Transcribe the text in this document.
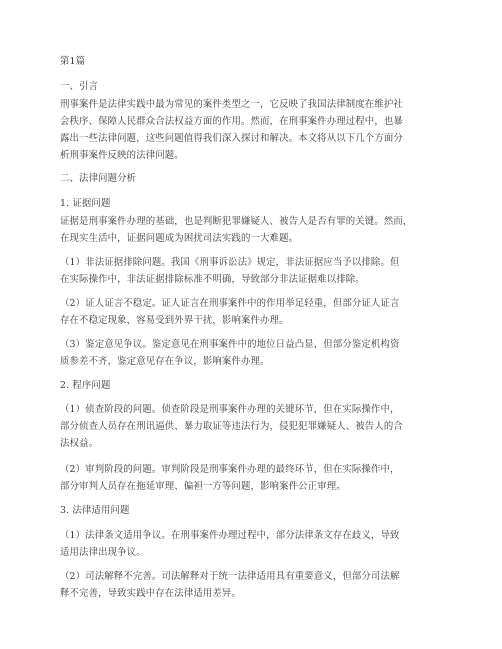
第1篇

一、引言

刑事案件是法律实践中最为常见的案件类型之一，它反映了我国法律制度在维护社
会秩序、保障人民群众合法权益方面的作用。然而，在刑事案件办理过程中，也暴
露出一些法律问题，这些问题值得我们深入探讨和解决。本文将从以下几个方面分
析刑事案件反映的法律问题。

二、法律问题分析

1. 证据问题

证据是刑事案件办理的基础，也是判断犯罪嫌疑人、被告人是否有罪的关键。然而，
在现实生活中，证据问题成为困扰司法实践的一大难题。

（1）非法证据排除问题。我国《刑事诉讼法》规定，非法证据应当予以排除。但
在实际操作中，非法证据排除标准不明确，导致部分非法证据难以排除。

（2）证人证言不稳定。证人证言在刑事案件中的作用举足轻重，但部分证人证言
存在不稳定现象，容易受到外界干扰，影响案件办理。

（3）鉴定意见争议。鉴定意见在刑事案件中的地位日益凸显，但部分鉴定机构资
质参差不齐，鉴定意见存在争议，影响案件办理。

2. 程序问题

（1）侦查阶段的问题。侦查阶段是刑事案件办理的关键环节，但在实际操作中，
部分侦查人员存在刑讯逼供、暴力取证等违法行为，侵犯犯罪嫌疑人、被告人的合
法权益。

（2）审判阶段的问题。审判阶段是刑事案件办理的最终环节，但在实际操作中，
部分审判人员存在拖延审理、偏袒一方等问题，影响案件公正审理。

3. 法律适用问题

（1）法律条文适用争议。在刑事案件办理过程中，部分法律条文存在歧义，导致
适用法律出现争议。

（2）司法解释不完善。司法解释对于统一法律适用具有重要意义，但部分司法解
释不完善，导致实践中存在法律适用差异。
